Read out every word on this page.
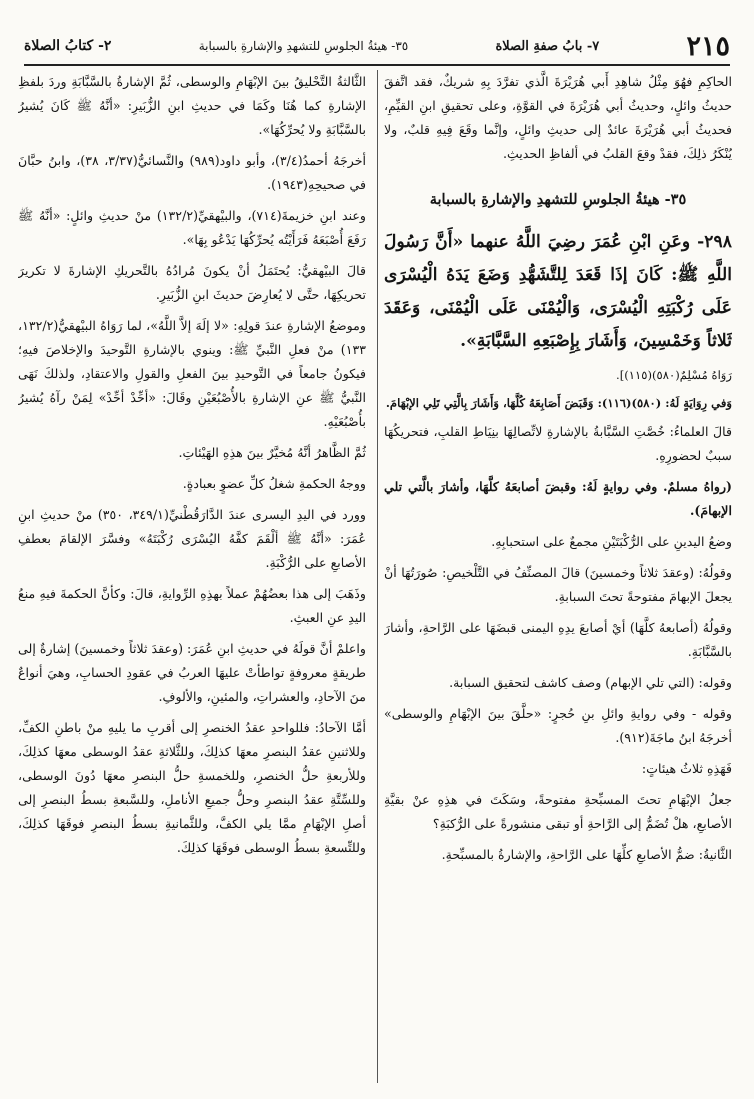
٢١٥
٧- بابُ صفةِ الصلاة
٣٥- هيئةُ الجلوسِ للتشهدِ والإشارةِ بالسبابة
٢- كتابُ الصلاة

الحاكِمِ فهُوَ مِثْلُ شاهِدِ أَبي هُرَيْرَةَ الَّذي تفرَّدَ بِهِ شريكٌ، فقد اتَّفقَ حديثُ وائلٍ، وحديثُ أبي هُرَيْرَةَ في القوَّةِ، وعلى تحقيقِ ابنِ القيِّمِ، فحديثُ أبي هُرَيْرَةَ عائدٌ إلى حديثِ وائلٍ، وإنَّما وقَعَ فِيهِ قلبٌ، ولا يُنْكَرُ ذلِكَ، فقدْ وقعَ القلبُ في ألفاظِ الحديثِ.

٣٥- هيئةُ الجلوسِ للتشهدِ والإشارةِ بالسبابة

٢٩٨- وعَنِ ابْنِ عُمَرَ رضِيَ اللَّهُ عنهما «أَنَّ رَسُولَ اللَّهِ ﷺ: كَانَ إذَا قَعَدَ لِلتَّشَهُّدِ وَضَعَ يَدَهُ الْيُسْرَى عَلَى رُكْبَتِهِ الْيُسْرَى، وَالْيُمْنَى عَلَى الْيُمْنَى، وَعَقَدَ ثَلاثاً وَخَمْسِينَ، وَأَشَارَ بِإِصْبَعِهِ السَّبَّابَةِ».

رَوَاهُ مُسْلِمٌ(٥٨٠)(١١٥)].

وَفي رِوَايَةٍ لَهُ: (٥٨٠)(١١٦): وَقَبَضَ أَصَابِعَهُ كُلَّهَا، وَأَشَارَ بِالَّتِي تَلِي الإبْهَامَ.

قالَ العلماءُ: خُصَّتِ السَّبَّابةُ بالإشارةِ لاتِّصالِهَا بنِيَاطِ القلبِ، فتحريكُهَا سببٌ لحضورِهِ.

(رواهُ مسلمٌ. وفي روايةٍ لَهُ: وقبضَ أصابعَهُ كلَّهَا، وأشارَ بالَّتي تلي الإبهامَ).

وضعُ اليدينِ على الرُّكْبَتَيْنِ مجمعٌ على استحبابِهِ.

وقولُهُ: (وعقدَ ثلاثاً وخمسينَ) قالَ المصنِّفُ في التَّلْخيصِ: صُورَتُهَا أنْ يجعلَ الإبهامَ مفتوحةً تحتَ السبابةِ.

وقولُهُ (أصابعهُ كلَّهَا) أيْ أصابعَ يدِهِ اليمنى قبضَهَا على الرَّاحةِ، وأشارَ بالسَّبَّابَةِ.

وقوله: (التي تلي الإبهام) وصف كاشف لتحقيق السبابة.

وقوله - وفي روايةِ وائلِ بنِ حُجرٍ: «حلَّقَ بينَ الإبْهَامِ والوسطى» أخرجَهُ ابنُ ماجَةَ(٩١٢).

فَهَذِهِ ثلاثُ هيئاتٍ:

جعلُ الإبْهَامِ تحتَ المسبِّحةِ مفتوحةً، وسَكَتَ في هذِهِ عنْ بقيَّةِ الأصابعِ، هلْ تُضَمُّ إلى الرَّاحةِ أو تبقى منشورةً على الرُّكبَةِ؟

الثَّانيةُ: ضمُّ الأصابعِ كلِّهَا على الرَّاحةِ، والإشارةُ بالمسبِّحةِ.

الثَّالثةُ التَّحْليقُ بينَ الإبْهَامِ والوسطى، ثُمَّ الإشارةُ بالسَّبَّابَةِ وردَ بلفظِ الإشارةِ كما هُنَا وكَمَا في حديثِ ابنِ الزُّبَيرِ: «أنَّهُ ﷺ كَانَ يُشيرُ بالسَّبَّابَةِ ولا يُحرِّكُهَا».

أخرجَهُ أحمدُ(٣/٤)، وأبو داود(٩٨٩) والنَّسائيُّ(٣/٣٧، ٣٨)، وابنُ حبَّانَ في صحيحِهِ(١٩٤٣).

وعند ابنِ خزيمةَ(٧١٤)، والبيْهقيِّ(١٣٢/٢) منْ حديثِ وائلٍ: «أنَّهُ ﷺ رَفَعَ أُصْبَعَهُ فَرَأَيْتُه يُحرِّكُهَا يَدْعُو بِهَا».

قالَ البيْهقيُّ: يُحتَمَلُ أنْ يكونَ مُرادُهُ بالتَّحريكِ الإشارةَ لا تكريرَ تحريكِهَا، حتَّى لا يُعارِضَ حديثَ ابنِ الزُّبَيرِ.

وموضعُ الإشارةِ عندَ قولِهِ: «لا إلَهَ إلاَّ اللَّهُ»، لما رَوَاهُ البيْهقيُّ(١٣٢/٢، ١٣٣) منْ فعلِ النَّبيِّ ﷺ: وينوي بالإشارةِ التَّوحيدَ والإخلاصَ فيهِ؛ فيكونُ جامعاً في التَّوحيدِ بينَ الفعلِ والقولِ والاعتقادِ، ولذلكَ نَهَى النَّبيُّ ﷺ عنِ الإشارةِ بالأُصْبُعَيْنِ وقَالَ: «أحِّدْ أحِّدْ» لِمَنْ رآهُ يُشيرُ بأُصْبُعَيْهِ.

ثُمَّ الظَّاهرُ أنَّهُ مُخيَّرٌ بينَ هذِهِ الهَيْئاتِ.

ووجهُ الحكمةِ شغلُ كلِّ عضوٍ بعبادةٍ.

وورد في اليدِ اليسرى عندَ الدَّارَقُطْنيِّ(٣٤٩/١، ٣٥٠) منْ حديثِ ابنِ عُمَرَ: «أنَّهُ ﷺ ألْقَمَ كفَّهُ اليُسْرَى رُكْبَتَهُ» وفسَّرَ الإلقامَ بعطفِ الأصابعِ على الرُّكْبَةِ.

وذَهَبَ إلى هذا بعضُهُمْ عملاً بهذِهِ الرِّوايةِ، قالَ: وكأنَّ الحكمةَ فيهِ منعُ اليدِ عنِ العبثِ.

واعلمْ أنَّ قولَهُ في حديثِ ابنِ عُمَرَ: (وعقدَ ثلاثاً وخمسينَ) إشارةٌ إلى طريقةٍ معروفةٍ تواطأتْ عليهَا العربُ في عقودِ الحسابِ، وهيَ أنواعٌ منَ الآحادِ، والعشراتِ، والمئينِ، والألوفِ.

أمَّا الآحادُ: فللواحدِ عقدُ الخنصرِ إلى أقربِ ما يليهِ منْ باطنِ الكفِّ، وللاثنينِ عقدُ البنصرِ معهَا كذلِكَ، وللثَّلاثةِ عقدُ الوسطى معهَا كذلِكَ، وللأربعةِ حلُّ الخنصرِ، وللخمسةِ حلُّ البنصرِ معهَا دُونَ الوسطى، وللسِّتَّةِ عقدُ البنصرِ وحلُّ جميعِ الأناملِ، وللسَّبعةِ بسطُ البنصرِ إلى أصلِ الإبْهَامِ ممَّا يلي الكفَّ، وللثَّمانيةِ بسطُ البنصرِ فوقَهَا كذلِكَ، وللتِّسعةِ بسطُ الوسطى فوقَهَا كذلِكَ.
